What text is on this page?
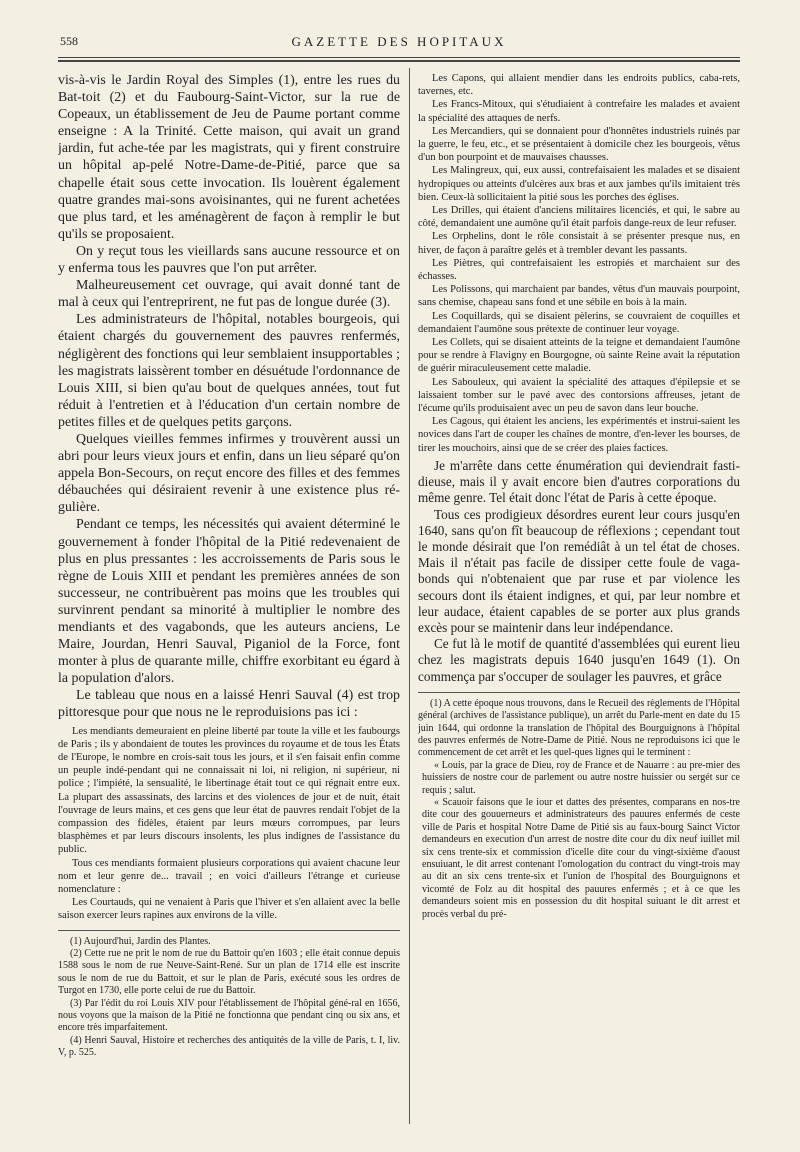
558	GAZETTE DES HOPITAUX

vis-à-vis le Jardin Royal des Simples (1), entre les rues du Bat-toit (2) et du Faubourg-Saint-Victor, sur la rue de Copeaux, un établissement de Jeu de Paume portant comme enseigne : A la Trinité. Cette maison, qui avait un grand jardin, fut ache-tée par les magistrats, qui y firent construire un hôpital ap-pelé Notre-Dame-de-Pitié, parce que sa chapelle était sous cette invocation. Ils louèrent également quatre grandes mai-sons avoisinantes, qui ne furent achetées que plus tard, et les aménagèrent de façon à remplir le but qu'ils se proposaient.

On y reçut tous les vieillards sans aucune ressource et on y enferma tous les pauvres que l'on put arrêter.

Malheureusement cet ouvrage, qui avait donné tant de mal à ceux qui l'entreprirent, ne fut pas de longue durée (3).

Les administrateurs de l'hôpital, notables bourgeois, qui étaient chargés du gouvernement des pauvres renfermés, négligèrent des fonctions qui leur semblaient insupportables ; les magistrats laissèrent tomber en désuétude l'ordonnance de Louis XIII, si bien qu'au bout de quelques années, tout fut réduit à l'entretien et à l'éducation d'un certain nombre de petites filles et de quelques petits garçons.

Quelques vieilles femmes infirmes y trouvèrent aussi un abri pour leurs vieux jours et enfin, dans un lieu séparé qu'on appela Bon-Secours, on reçut encore des filles et des femmes débauchées qui désiraient revenir à une existence plus ré-gulière.

Pendant ce temps, les nécessités qui avaient déterminé le gouvernement à fonder l'hôpital de la Pitié redevenaient de plus en plus pressantes : les accroissements de Paris sous le règne de Louis XIII et pendant les premières années de son successeur, ne contribuèrent pas moins que les troubles qui survinrent pendant sa minorité à multiplier le nombre des mendiants et des vagabonds, que les auteurs anciens, Le Maire, Jourdan, Henri Sauval, Piganiol de la Force, font monter à plus de quarante mille, chiffre exorbitant eu égard à la population d'alors.

Le tableau que nous en a laissé Henri Sauval (4) est trop pittoresque pour que nous ne le reproduisions pas ici :

Les mendiants demeuraient en pleine liberté par toute la ville et les faubourgs de Paris ; ils y abondaient de toutes les provinces du royaume et de tous les États de l'Europe, le nombre en crois-sait tous les jours, et il s'en faisait enfin comme un peuple indé-pendant qui ne connaissait ni loi, ni religion, ni supérieur, ni police ; l'impiété, la sensualité, le libertinage était tout ce qui régnait entre eux. La plupart des assassinats, des larcins et des violences de jour et de nuit, était l'ouvrage de leurs mains, et ces gens que leur état de pauvres rendait l'objet de la compassion des fidèles, étaient par leurs mœurs corrompues, par leurs blasphèmes et par leurs discours insolents, les plus indignes de l'assistance du public.

Tous ces mendiants formaient plusieurs corporations qui avaient chacune leur nom et leur genre de... travail ; en voici d'ailleurs l'étrange et curieuse nomenclature :

Les Courtauds, qui ne venaient à Paris que l'hiver et s'en allaient avec la belle saison exercer leurs rapines aux environs de la ville.

(1) Aujourd'hui, Jardin des Plantes.

(2) Cette rue ne prit le nom de rue du Battoir qu'en 1603 ; elle était connue depuis 1588 sous le nom de rue Neuve-Saint-René. Sur un plan de 1714 elle est inscrite sous le nom de rue du Battoit, et sur le plan de Paris, exécuté sous les ordres de Turgot en 1730, elle porte celui de rue du Battoir.

(3) Par l'édit du roi Louis XIV pour l'établissement de l'hôpital géné-ral en 1656, nous voyons que la maison de la Pitié ne fonctionna que pendant cinq ou six ans, et encore très imparfaitement.

(4) Henri Sauval, Histoire et recherches des antiquités de la ville de Paris, t. I, liv. V, p. 525.

Les Capons, qui allaient mendier dans les endroits publics, caba-rets, tavernes, etc.

Les Francs-Mitoux, qui s'étudiaient à contrefaire les malades et avaient la spécialité des attaques de nerfs.

Les Mercandiers, qui se donnaient pour d'honnêtes industriels ruinés par la guerre, le feu, etc., et se présentaient à domicile chez les bourgeois, vêtus d'un bon pourpoint et de mauvaises chausses.

Les Malingreux, qui, eux aussi, contrefaisaient les malades et se disaient hydropiques ou atteints d'ulcères aux bras et aux jambes qu'ils imitaient très bien. Ceux-là sollicitaient la pitié sous les porches des églises.

Les Drilles, qui étaient d'anciens militaires licenciés, et qui, le sabre au côté, demandaient une aumône qu'il était parfois dange-reux de leur refuser.

Les Orphelins, dont le rôle consistait à se présenter presque nus, en hiver, de façon à paraître gelés et à trembler devant les passants.

Les Piètres, qui contrefaisaient les estropiés et marchaient sur des échasses.

Les Polissons, qui marchaient par bandes, vêtus d'un mauvais pourpoint, sans chemise, chapeau sans fond et une sébile en bois à la main.

Les Coquillards, qui se disaient pèlerins, se couvraient de coquilles et demandaient l'aumône sous prétexte de continuer leur voyage.

Les Collets, qui se disaient atteints de la teigne et demandaient l'aumône pour se rendre à Flavigny en Bourgogne, où sainte Reine avait la réputation de guérir miraculeusement cette maladie.

Les Sabouleux, qui avaient la spécialité des attaques d'épilepsie et se laissaient tomber sur le pavé avec des contorsions affreuses, jetant de l'écume qu'ils produisaient avec un peu de savon dans leur bouche.

Les Cagous, qui étaient les anciens, les expérimentés et instrui-saient les novices dans l'art de couper les chaînes de montre, d'en-lever les bourses, de tirer les mouchoirs, ainsi que de se créer des plaies factices.

Je m'arrête dans cette énumération qui deviendrait fasti-dieuse, mais il y avait encore bien d'autres corporations du même genre. Tel était donc l'état de Paris à cette époque.

Tous ces prodigieux désordres eurent leur cours jusqu'en 1640, sans qu'on fît beaucoup de réflexions ; cependant tout le monde désirait que l'on remédiât à un tel état de choses. Mais il n'était pas facile de dissiper cette foule de vaga-bonds qui n'obtenaient que par ruse et par violence les secours dont ils étaient indignes, et qui, par leur nombre et leur audace, étaient capables de se porter aux plus grands excès pour se maintenir dans leur indépendance.

Ce fut là le motif de quantité d'assemblées qui eurent lieu chez les magistrats depuis 1640 jusqu'en 1649 (1). On commença par s'occuper de soulager les pauvres, et grâce

(1) A cette époque nous trouvons, dans le Recueil des règlements de l'Hôpital général (archives de l'assistance publique), un arrêt du Parle-ment en date du 15 juin 1644, qui ordonne la translation de l'hôpital des Bourguignons à l'hôpital des pauvres enfermés de Notre-Dame de Pitié. Nous ne reproduisons ici que le commencement de cet arrêt et les quel-ques lignes qui le terminent :

« Louis, par la grace de Dieu, roy de France et de Nauarre : au pre-mier des huissiers de nostre cour de parlement ou autre nostre huissier ou sergét sur ce requis ; salut.

« Scauoir faisons que le iour et dattes des présentes, comparans en nos-tre dite cour des gouuerneurs et administrateurs des pauures enfermés de ceste ville de Paris et hospital Notre Dame de Pitié sis au faux-bourg Sainct Victor demandeurs en execution d'un arrest de nostre dite cour du dix neuf iuillet mil six cens trente-six et commission d'icelle dite cour du vingt-sixième d'aoust ensuiuant, le dit arrest contenant l'omologation du contract du vingt-trois may au dit an six cens trente-six et l'union de l'hospital des Bourguignons et vicomté de Folz au dit hospital des pauures enfermés ; et à ce que les demandeurs soient mis en possession du dit hospital suiuant le dit arrest et procès verbal du pré-
